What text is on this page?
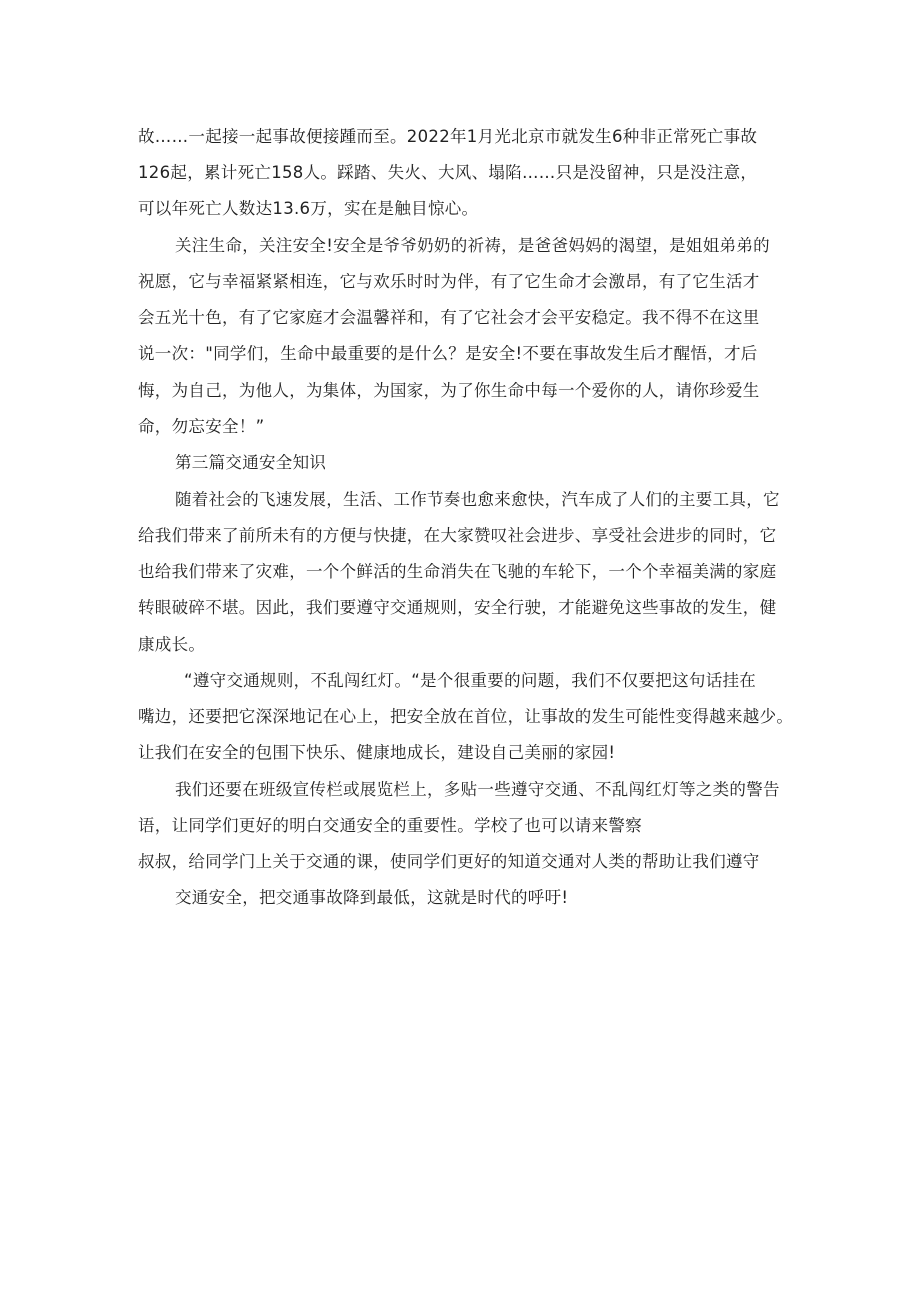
故……一起接一起事故便接踵而至。2022年1月光北京市就发生6种非正常死亡事故
126起，累计死亡158人。踩踏、失火、大风、塌陷……只是没留神，只是没注意，
可以年死亡人数达13.6万，实在是触目惊心。
关注生命，关注安全!安全是爷爷奶奶的祈祷，是爸爸妈妈的渴望，是姐姐弟弟的
祝愿，它与幸福紧紧相连，它与欢乐时时为伴，有了它生命才会激昂，有了它生活才
会五光十色，有了它家庭才会温馨祥和，有了它社会才会平安稳定。我不得不在这里
说一次："同学们，生命中最重要的是什么？是安全!不要在事故发生后才醒悟，才后
悔，为自己，为他人，为集体，为国家，为了你生命中每一个爱你的人，请你珍爱生
命，勿忘安全！”
第三篇交通安全知识
随着社会的飞速发展，生活、工作节奏也愈来愈快，汽车成了人们的主要工具，它
给我们带来了前所未有的方便与快捷，在大家赞叹社会进步、享受社会进步的同时，它
也给我们带来了灾难，一个个鲜活的生命消失在飞驰的车轮下，一个个幸福美满的家庭
转眼破碎不堪。因此，我们要遵守交通规则，安全行驶，才能避免这些事故的发生，健
康成长。
“遵守交通规则，不乱闯红灯。“是个很重要的问题，我们不仅要把这句话挂在
嘴边，还要把它深深地记在心上，把安全放在首位，让事故的发生可能性变得越来越少。
让我们在安全的包围下快乐、健康地成长，建设自己美丽的家园!
我们还要在班级宣传栏或展览栏上，多贴一些遵守交通、不乱闯红灯等之类的警告
语，让同学们更好的明白交通安全的重要性。学校了也可以请来警察
叔叔，给同学门上关于交通的课，使同学们更好的知道交通对人类的帮助让我们遵守
交通安全，把交通事故降到最低，这就是时代的呼吁!
